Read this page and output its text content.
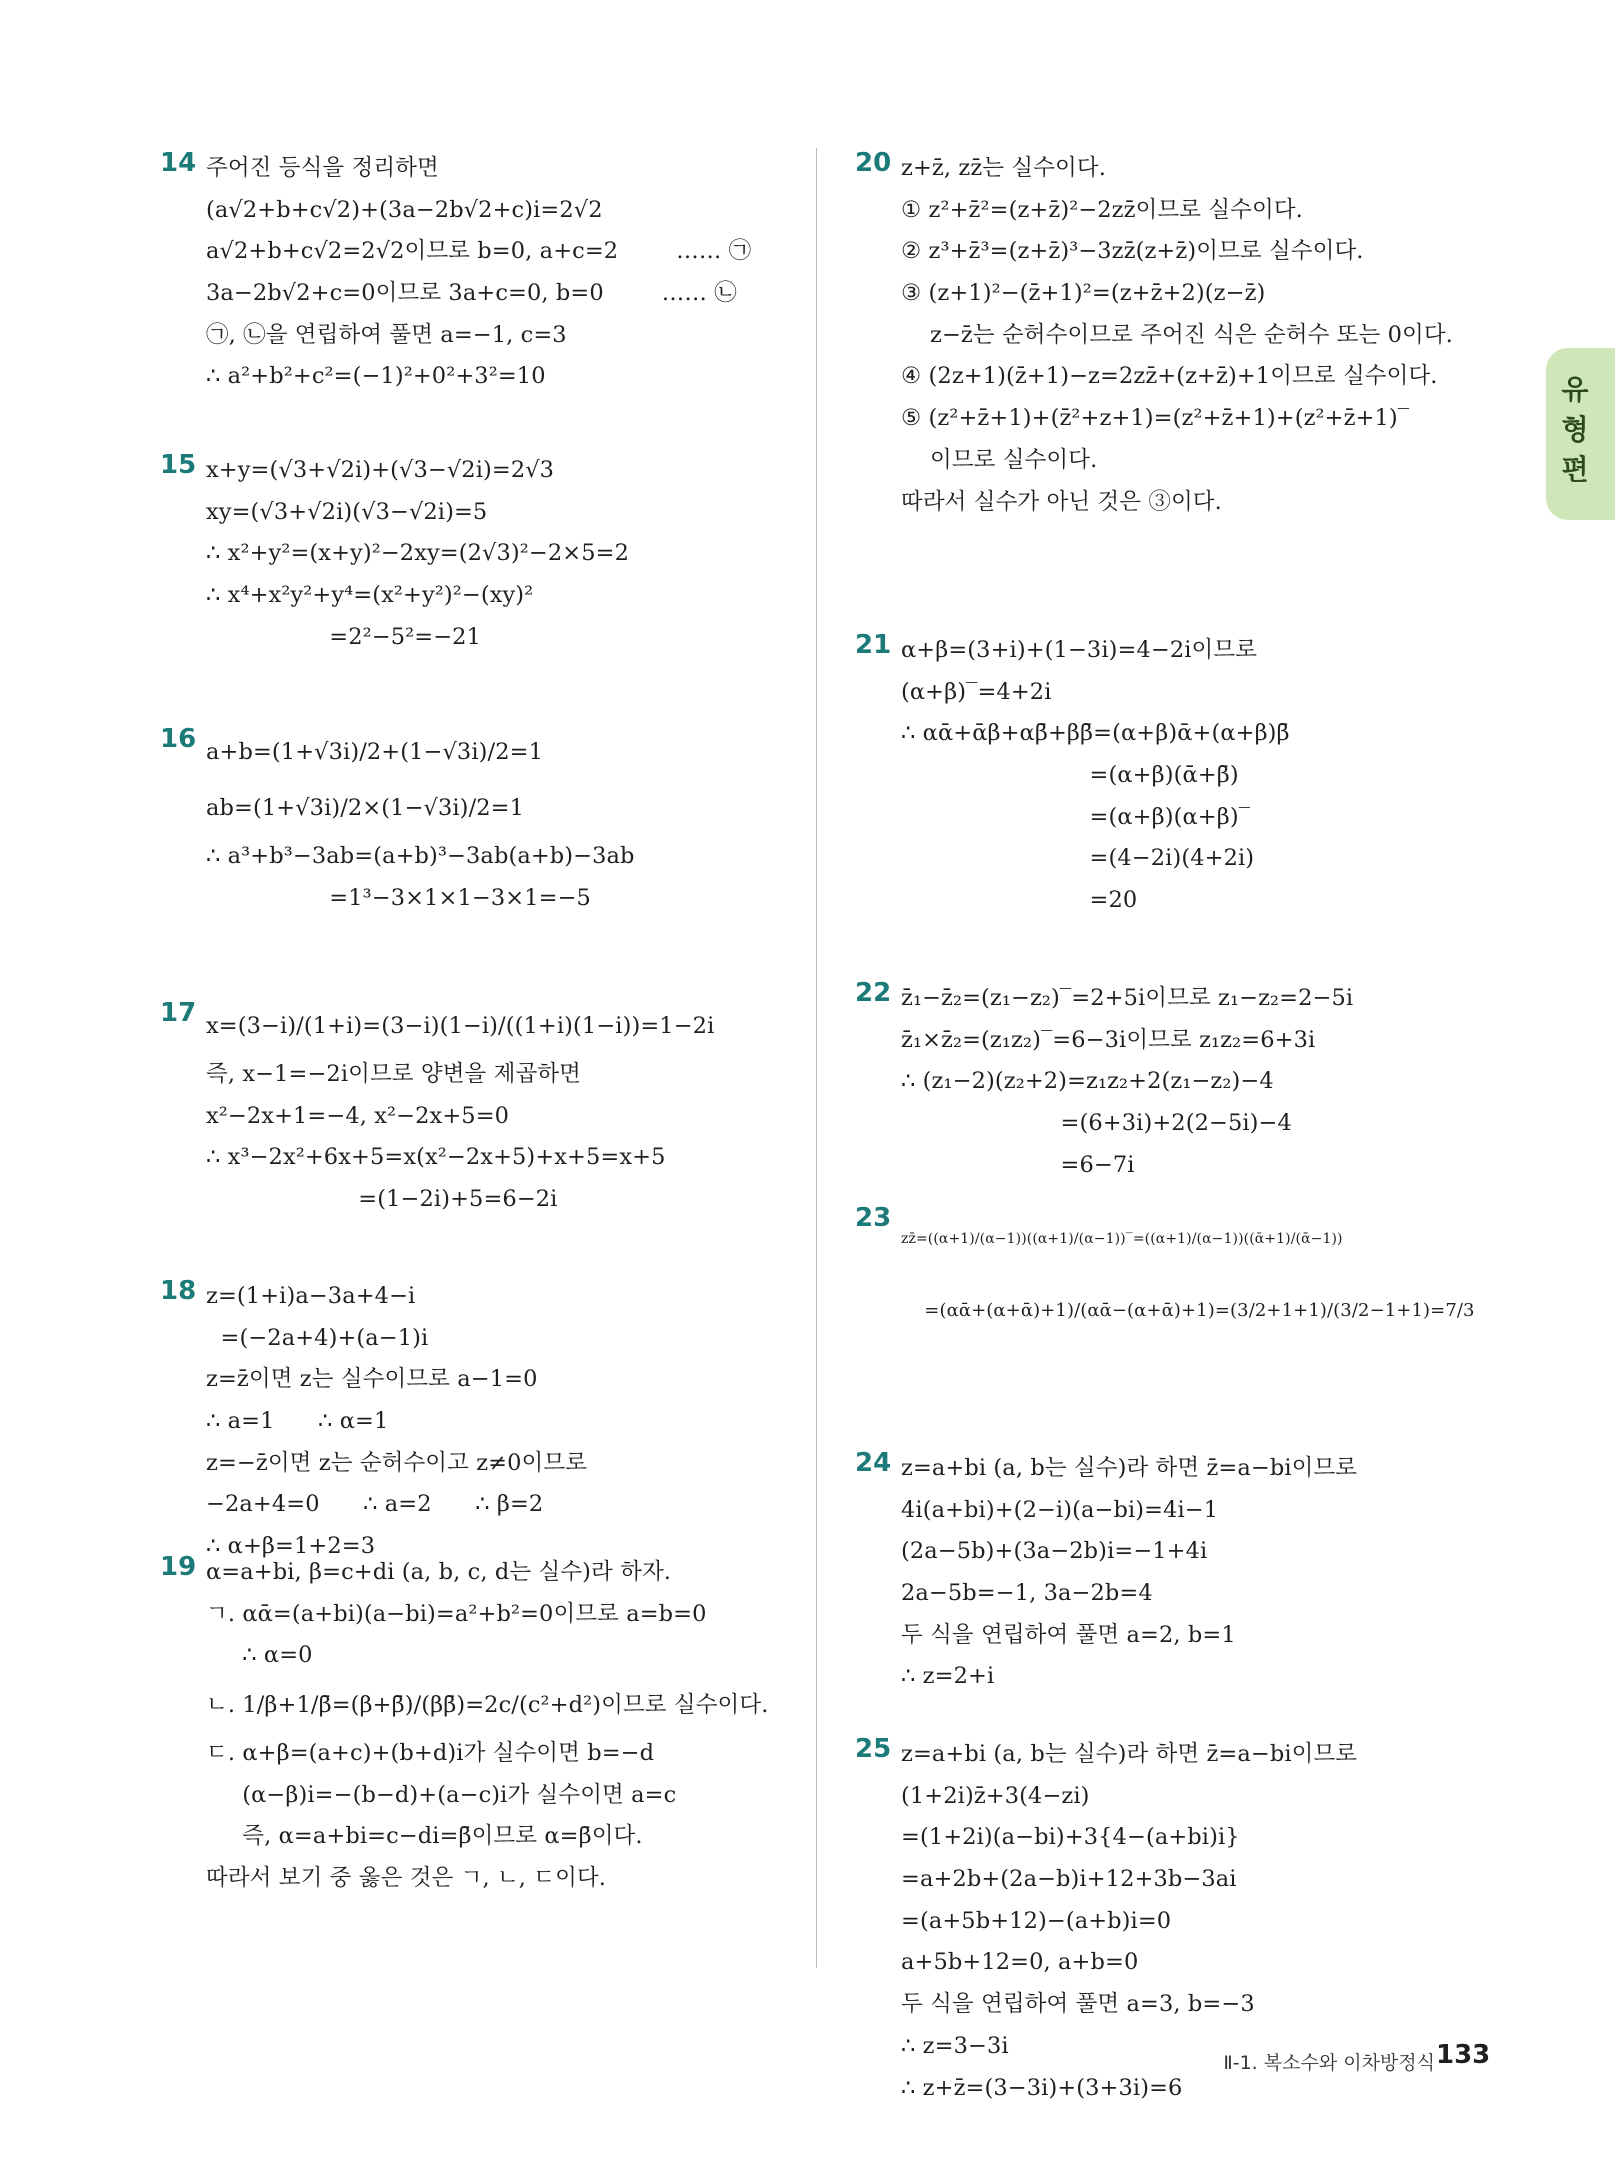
14 주어진 등식을 정리하면
(a√2+b+c√2)+(3a−2b√2+c)i=2√2
a√2+b+c√2=2√2이므로 b=0, a+c=2        …… ㉠
3a−2b√2+c=0이므로 3a+c=0, b=0        …… ㉡
㉠, ㉡을 연립하여 풀면 a=−1, c=3
∴ a²+b²+c²=(−1)²+0²+3²=10
15 x+y=(√3+√2i)+(√3−√2i)=2√3
xy=(√3+√2i)(√3−√2i)=5
∴ x²+y²=(x+y)²−2xy=(2√3)²−2×5=2
∴ x⁴+x²y²+y⁴=(x²+y²)²−(xy)²
=2²−5²=−21
16 a+b=(1+√3i)/2+(1−√3i)/2=1
ab=(1+√3i)/2×(1−√3i)/2=1
∴ a³+b³−3ab=(a+b)³−3ab(a+b)−3ab
=1³−3×1×1−3×1=−5
17 x=(3−i)/(1+i)=(3−i)(1−i)/((1+i)(1−i))=1−2i
즉, x−1=−2i이므로 양변을 제곱하면
x²−2x+1=−4, x²−2x+5=0
∴ x³−2x²+6x+5=x(x²−2x+5)+x+5=x+5
=(1−2i)+5=6−2i
18 z=(1+i)a−3a+4−i
=(−2a+4)+(a−1)i
z=z̄이면 z는 실수이므로 a−1=0
∴ a=1      ∴ α=1
z=−z̄이면 z는 순허수이고 z≠0이므로
−2a+4=0      ∴ a=2      ∴ β=2
∴ α+β=1+2=3
19 α=a+bi, β=c+di (a, b, c, d는 실수)라 하자.
ㄱ. αᾱ=(a+bi)(a−bi)=a²+b²=0이므로 a=b=0
∴ α=0
ㄴ. 1/β+1/β̄=(β+β̄)/(ββ̄)=2c/(c²+d²)이므로 실수이다.
ㄷ. α+β=(a+c)+(b+d)i가 실수이면 b=−d
(α−β)i=−(b−d)+(a−c)i가 실수이면 a=c
즉, α=a+bi=c−di=β̄이므로 α=β̄이다.
따라서 보기 중 옳은 것은 ㄱ, ㄴ, ㄷ이다.
20 z+z̄, zz̄는 실수이다.
① z²+z̄²=(z+z̄)²−2zz̄이므로 실수이다.
② z³+z̄³=(z+z̄)³−3zz̄(z+z̄)이므로 실수이다.
③ (z+1)²−(z̄+1)²=(z+z̄+2)(z−z̄)
z−z̄는 순허수이므로 주어진 식은 순허수 또는 0이다.
④ (2z+1)(z̄+1)−z=2zz̄+(z+z̄)+1이므로 실수이다.
⑤ (z²+z̄+1)+(z̄²+z+1)=(z²+z̄+1)+(z²+z̄+1)‾
이므로 실수이다.
따라서 실수가 아닌 것은 ③이다.
21 α+β=(3+i)+(1−3i)=4−2i이므로
(α+β)‾=4+2i
∴ αᾱ+ᾱβ+αβ̄+ββ̄=(α+β)ᾱ+(α+β)β̄
=(α+β)(ᾱ+β̄)
=(α+β)(α+β)‾
=(4−2i)(4+2i)
=20
22 z̄₁−z̄₂=(z₁−z₂)‾=2+5i이므로 z₁−z₂=2−5i
z̄₁×z̄₂=(z₁z₂)‾=6−3i이므로 z₁z₂=6+3i
∴ (z₁−2)(z₂+2)=z₁z₂+2(z₁−z₂)−4
=(6+3i)+2(2−5i)−4
=6−7i
23
zz̄=((α+1)/(α−1))((α+1)/(α−1))‾=((α+1)/(α−1))((ᾱ+1)/(ᾱ−1))
=(αᾱ+(α+ᾱ)+1)/(αᾱ−(α+ᾱ)+1)=(3/2+1+1)/(3/2−1+1)=7/3
24 z=a+bi (a, b는 실수)라 하면 z̄=a−bi이므로
4i(a+bi)+(2−i)(a−bi)=4i−1
(2a−5b)+(3a−2b)i=−1+4i
2a−5b=−1, 3a−2b=4
두 식을 연립하여 풀면 a=2, b=1
∴ z=2+i
25 z=a+bi (a, b는 실수)라 하면 z̄=a−bi이므로
(1+2i)z̄+3(4−zi)
=(1+2i)(a−bi)+3{4−(a+bi)i}
=a+2b+(2a−b)i+12+3b−3ai
=(a+5b+12)−(a+b)i=0
a+5b+12=0, a+b=0
두 식을 연립하여 풀면 a=3, b=−3
∴ z=3−3i
∴ z+z̄=(3−3i)+(3+3i)=6
유
형
편
Ⅱ-1. 복소수와 이차방정식 133
